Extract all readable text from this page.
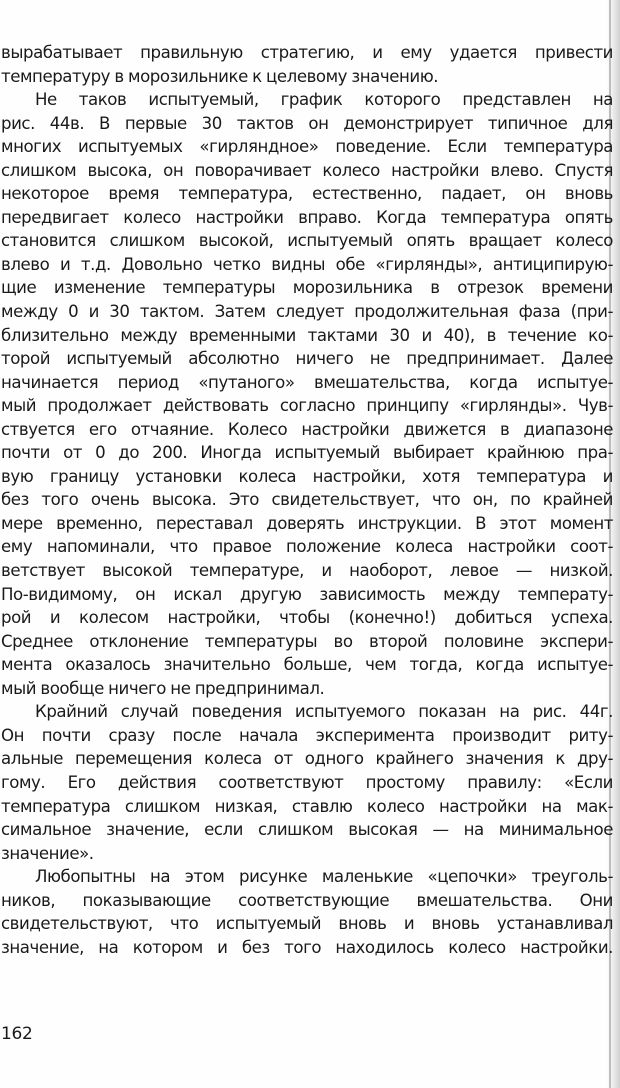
вырабатывает правильную стратегию, и ему удается привести
температуру в морозильнике к целевому значению.

Не таков испытуемый, график которого представлен на
рис. 44в. В первые 30 тактов он демонстрирует типичное для
многих испытуемых «гирляндное» поведение. Если температура
слишком высока, он поворачивает колесо настройки влево. Спустя
некоторое время температура, естественно, падает, он вновь
передвигает колесо настройки вправо. Когда температура опять
становится слишком высокой, испытуемый опять вращает колесо
влево и т.д. Довольно четко видны обе «гирлянды», антиципирую-
щие изменение температуры морозильника в отрезок времени
между 0 и 30 тактом. Затем следует продолжительная фаза (при-
близительно между временными тактами 30 и 40), в течение ко-
торой испытуемый абсолютно ничего не предпринимает. Далее
начинается период «путаного» вмешательства, когда испытуе-
мый продолжает действовать согласно принципу «гирлянды». Чув-
ствуется его отчаяние. Колесо настройки движется в диапазоне
почти от 0 до 200. Иногда испытуемый выбирает крайнюю пра-
вую границу установки колеса настройки, хотя температура и
без того очень высока. Это свидетельствует, что он, по крайней
мере временно, переставал доверять инструкции. В этот момент
ему напоминали, что правое положение колеса настройки соот-
ветствует высокой температуре, и наоборот, левое — низкой.
По-видимому, он искал другую зависимость между температу-
рой и колесом настройки, чтобы (конечно!) добиться успеха.
Среднее отклонение температуры во второй половине экспери-
мента оказалось значительно больше, чем тогда, когда испытуе-
мый вообще ничего не предпринимал.

Крайний случай поведения испытуемого показан на рис. 44г.
Он почти сразу после начала эксперимента производит риту-
альные перемещения колеса от одного крайнего значения к дру-
гому. Его действия соответствуют простому правилу: «Если
температура слишком низкая, ставлю колесо настройки на мак-
симальное значение, если слишком высокая — на минимальное
значение».

Любопытны на этом рисунке маленькие «цепочки» треуголь-
ников, показывающие соответствующие вмешательства. Они
свидетельствуют, что испытуемый вновь и вновь устанавливал
значение, на котором и без того находилось колесо настройки.

162
